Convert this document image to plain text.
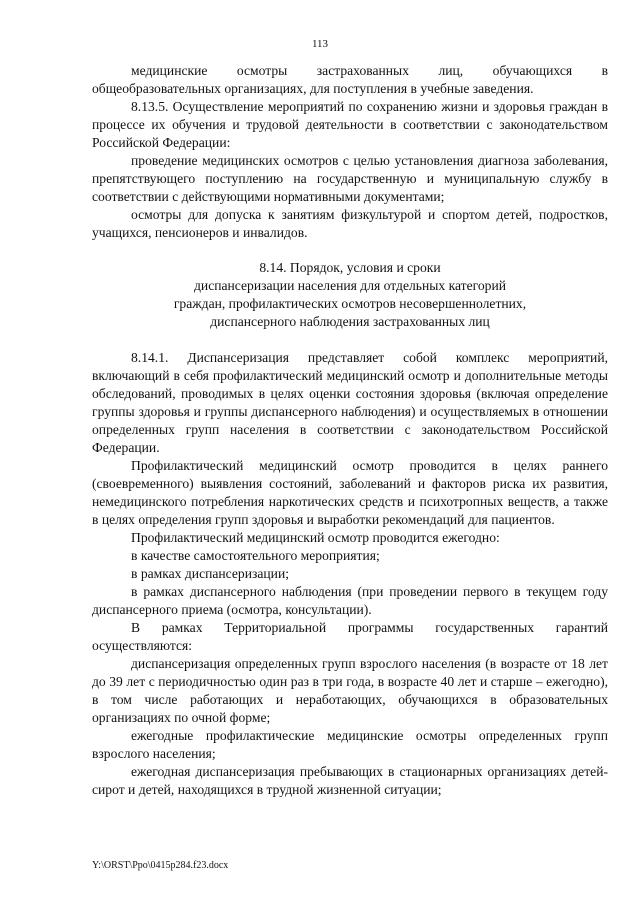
113

медицинские осмотры застрахованных лиц, обучающихся в общеобразовательных организациях, для поступления в учебные заведения.

8.13.5. Осуществление мероприятий по сохранению жизни и здоровья граждан в процессе их обучения и трудовой деятельности в соответствии с законодательством Российской Федерации:

проведение медицинских осмотров с целью установления диагноза заболевания, препятствующего поступлению на государственную и муниципальную службу в соответствии с действующими нормативными документами;

осмотры для допуска к занятиям физкультурой и спортом детей, подростков, учащихся, пенсионеров и инвалидов.

8.14. Порядок, условия и сроки
диспансеризации населения для отдельных категорий
граждан, профилактических осмотров несовершеннолетних,
диспансерного наблюдения застрахованных лиц

8.14.1. Диспансеризация представляет собой комплекс мероприятий, включающий в себя профилактический медицинский осмотр и дополнительные методы обследований, проводимых в целях оценки состояния здоровья (включая определение группы здоровья и группы диспансерного наблюдения) и осуществляемых в отношении определенных групп населения в соответствии с законодательством Российской Федерации.

Профилактический медицинский осмотр проводится в целях раннего (своевременного) выявления состояний, заболеваний и факторов риска их развития, немедицинского потребления наркотических средств и психотропных веществ, а также в целях определения групп здоровья и выработки рекомендаций для пациентов.

Профилактический медицинский осмотр проводится ежегодно:

в качестве самостоятельного мероприятия;

в рамках диспансеризации;

в рамках диспансерного наблюдения (при проведении первого в текущем году диспансерного приема (осмотра, консультации).

В рамках Территориальной программы государственных гарантий осуществляются:

диспансеризация определенных групп взрослого населения (в возрасте от 18 лет до 39 лет с периодичностью один раз в три года, в возрасте 40 лет и старше – ежегодно), в том числе работающих и неработающих, обучающихся в образовательных организациях по очной форме;

ежегодные профилактические медицинские осмотры определенных групп взрослого населения;

ежегодная диспансеризация пребывающих в стационарных организациях детей-сирот и детей, находящихся в трудной жизненной ситуации;

Y:\ORST\Ppo\0415p284.f23.docx
